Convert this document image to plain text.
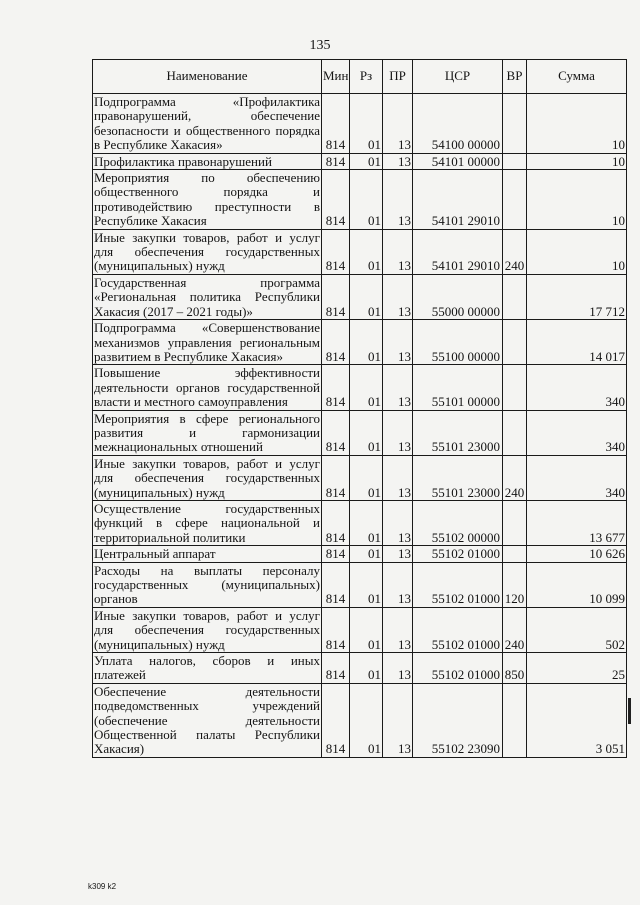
135
Наименование	Мин	Рз	ПР	ЦСР	ВР	Сумма
Подпрограмма «Профилактика правонарушений, обеспечение безопасности и общественного порядка в Республике Хакасия»	814	01	13	54100 00000		10
Профилактика правонарушений	814	01	13	54101 00000		10
Мероприятия по обеспечению общественного порядка и противодействию преступности в Республике Хакасия	814	01	13	54101 29010		10
Иные закупки товаров, работ и услуг для обеспечения государственных (муниципальных) нужд	814	01	13	54101 29010	240	10
Государственная программа «Региональная политика Республики Хакасия (2017 – 2021 годы)»	814	01	13	55000 00000		17 712
Подпрограмма «Совершенствование механизмов управления региональным развитием в Республике Хакасия»	814	01	13	55100 00000		14 017
Повышение эффективности деятельности органов государственной власти и местного самоуправления	814	01	13	55101 00000		340
Мероприятия в сфере регионального развития и гармонизации межнациональных отношений	814	01	13	55101 23000		340
Иные закупки товаров, работ и услуг для обеспечения государственных (муниципальных) нужд	814	01	13	55101 23000	240	340
Осуществление государственных функций в сфере национальной и территориальной политики	814	01	13	55102 00000		13 677
Центральный аппарат	814	01	13	55102 01000		10 626
Расходы на выплаты персоналу государственных (муниципальных) органов	814	01	13	55102 01000	120	10 099
Иные закупки товаров, работ и услуг для обеспечения государственных (муниципальных) нужд	814	01	13	55102 01000	240	502
Уплата налогов, сборов и иных платежей	814	01	13	55102 01000	850	25
Обеспечение деятельности подведомственных учреждений (обеспечение деятельности Общественной палаты Республики Хакасия)	814	01	13	55102 23090		3 051
k309 k2
